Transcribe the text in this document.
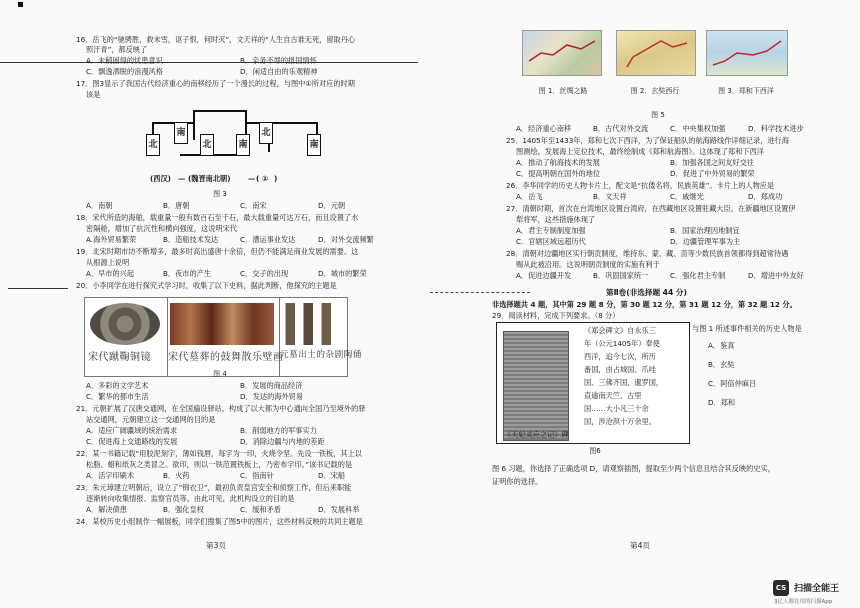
16．岳飞的“驰骋胜，救未雪，讴子恨，何时灭”，文天祥的“人生自古谁无死，留取丹心
照汗青”，都反映了
A．未稍困得的忧患意识	B．亲务不辱的报国情怀
C．飘逸洒脱的浪漫风格	D．闲适自由的乐观精神
17．图3显示了我国古代经济重心的南移经历了一个漫长的过程，与图中①所对应的时期
该是
北
南
北	南
北
南
(西汉) — (魏晋南北朝) — ( ① )
图 3
A．南朝	B．唐朝	C．南宋	D．元朝
18．宋代所造的海舶，载重量一般有数百石至千石，最大载重量可达万石，而且设置了水
密隔舱，增加了抗沉性和横向强度，这说明宋代
A.海外贸易繁荣	B．造船技术发达	C．漕运事业发达	D．对外交流频繁
19．北宋时期市坊不断增多，最多时高出盛唐十余倍，但仍不能满足商业发展的需要。这
从根源上说明
A．早市的兴起	B．夜市的产生	C．交子的出现	D．城市的繁荣
20．小李同学在进行探究式学习时，收集了以下史料，据此判断，他探究的主题是
宋代蹴鞠铜镜 宋代墓葬的鼓舞散乐壁画
元墓出土的杂剧陶俑
图 4
A．多彩的文学艺术	B．发展的商品经济
C．繁华的都市生活	D．发达的海外贸易
21．元朝扩展了汉唐交通网，在全国遍设驿站，构成了以大都为中心通向全国乃至境外的驿
站交通网，元朝建立这一交通网的目的是
A．适应广阔疆域的统治需求	B．削弱地方的军事实力
C．促进海上交通路线的发展	D．消除边疆与内地的差距
22．某一书籍记载“用胶泥刻字，薄如钱唇，每字为一印，火烧令坚。先设一铁板，其上以
松脂、蜡和纸灰之类冒之。欲印，则以一铁范置铁板上，乃密布字印。”该书记载的是
A．活字印刷术	B．火药	C．指南针	D．宋船
23．朱元璋建立明朝后，设立了“锦衣卫”，最初负责皇宫安全和侦察工作，但后来职能
逐渐转向收集情报、监察官员等。由此可见，此机构设立的目的是
A．解决债患	B．强化皇权	C．缓和矛盾	D．发展科举
24．某校历史小组制作一幅展板，同学们搜集了图5中的图片，这些材料反映的共同主题是
第3页
图 1．丝绸之路	图 2．玄奘西行	图 3．郑和下西洋
图 5
A．经济重心南移	B．古代对外交流	C．中央集权加强	D．科学技术进步
25．1405年至1433年，郑和七次下西洋，为了保证船队的航海路线作详细记录，进行海
图测绘，发展海上定位技术，最终绘制成《郑和航海图》。这体现了郑和下西洋
A．推动了航海技术的发展	B．加强各国之间友好交往
C．提高明朝在国外的地位	D．促进了中外贸易的繁荣
26．李华同学的历史人物卡片上，配文是“抗倭名将，民族英雄”。卡片上的人物应是
A．岳飞	B．文天祥	C．戚继光	D．郑成功
27．清朝时期，首次在台湾地区设置台湾府，在西藏地区设置驻藏大臣，在新疆地区设置伊
犁将军，这些措施体现了
A．君主专制制度加强	B．国家治理因地制宜
C．官辖区域远超历代	D．边疆管理军事为主
28．清朝对边疆地区实行朝贡制度，维持东、蒙、藏、苗等少数民族首领都得到超常待遇
赐从此被沿用。这说明朝贡制度的实施有利于
A．促进边疆开发	B．巩固国家统一	C．强化君主专制	D．增进中外友好
第Ⅱ卷(非选择题 44 分)
非选择题共 4 题，其中第 29 题 8 分，第 30 题 12 分，第 31 题 12 分，第 32 题 12 分。
29．阅读材料，完成下列要求。（8 分）
《郑会碑文》自永乐三
年（公元1405年）奉使
西洋，迨今七次，所历
番国，由占城国、爪哇
国、三佛齐国、暹罗国，
直逾南天竺、古里
国……大小凡三十余
国，涉沧溟十万余里。
《天妃灵应之记》碑
图6
与图 1 所述事件相关的历史人物是
A．鉴真
B．玄奘
C．阿倍仲麻吕
D．郑和
图 6 习题，你选择了正确选项 D，请观察插图，提取至少两个信息且结合其反映的史实，
证明你的选择。
第4页
CS 扫描全能王
3亿人都在用的扫描App
